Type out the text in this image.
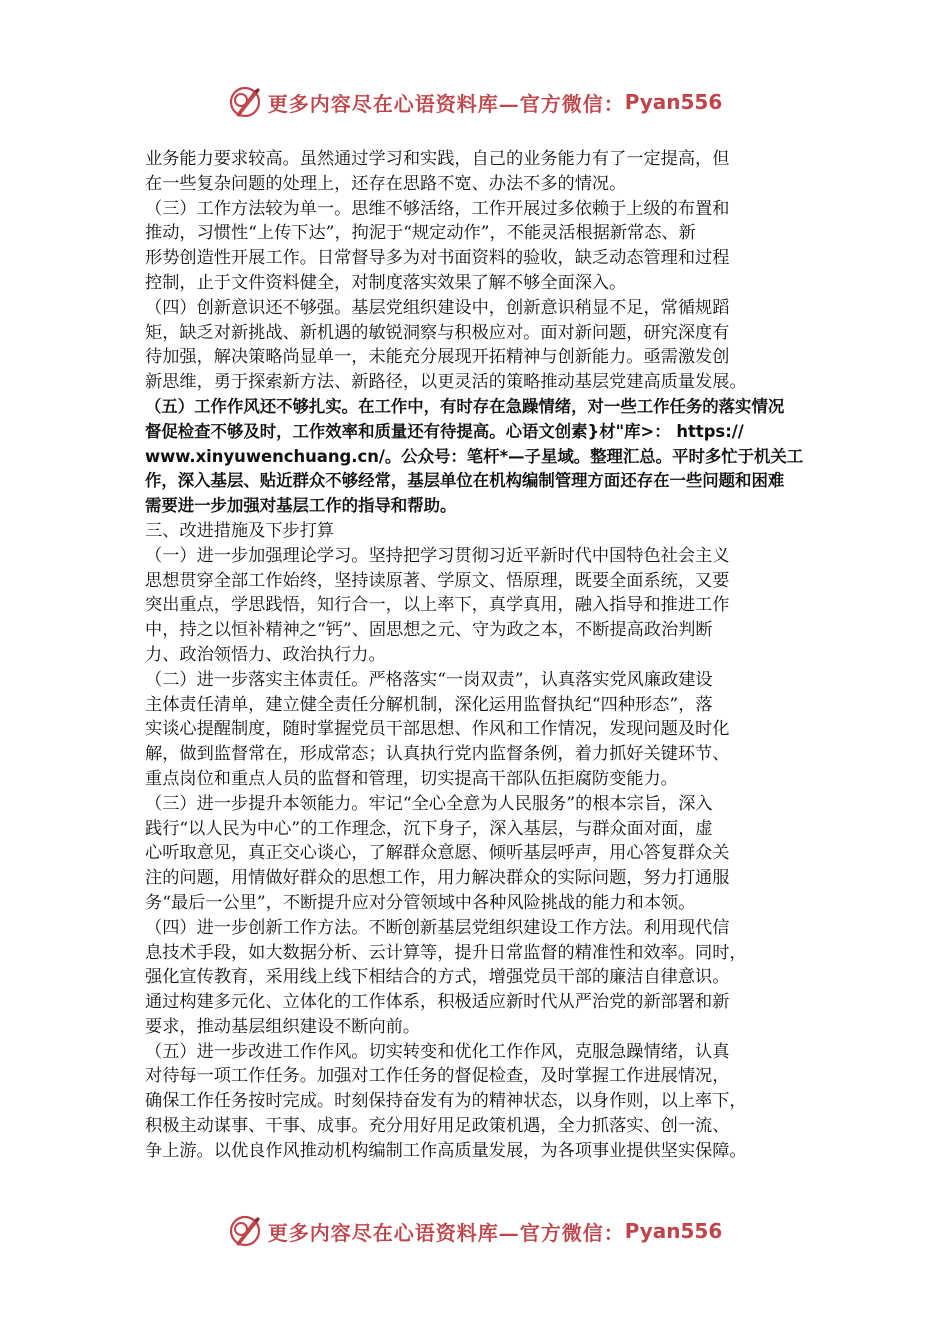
更多内容尽在心语资料库—官方微信： Pyan556
业务能力要求较高。虽然通过学习和实践，自己的业务能力有了一定提高，但
在一些复杂问题的处理上，还存在思路不宽、办法不多的情况。
（三）工作方法较为单一。思维不够活络，工作开展过多依赖于上级的布置和
推动，习惯性“上传下达”，拘泥于“规定动作”，不能灵活根据新常态、新
形势创造性开展工作。日常督导多为对书面资料的验收，缺乏动态管理和过程
控制，止于文件资料健全，对制度落实效果了解不够全面深入。
（四）创新意识还不够强。基层党组织建设中，创新意识稍显不足，常循规蹈
矩，缺乏对新挑战、新机遇的敏锐洞察与积极应对。面对新问题，研究深度有
待加强，解决策略尚显单一，未能充分展现开拓精神与创新能力。亟需激发创
新思维，勇于探索新方法、新路径，以更灵活的策略推动基层党建高质量发展。
（五）工作作风还不够扎实。在工作中，有时存在急躁情绪，对一些工作任务的落实情况
督促检查不够及时，工作效率和质量还有待提高。心语文创素}材"库>： https://
www.xinyuwenchuang.cn/。公众号：笔杆*—子星域。整理汇总。平时多忙于机关工
作，深入基层、贴近群众不够经常，基层单位在机构编制管理方面还存在一些问题和困难
需要进一步加强对基层工作的指导和帮助。
三、改进措施及下步打算
（一）进一步加强理论学习。坚持把学习贯彻习近平新时代中国特色社会主义
思想贯穿全部工作始终，坚持读原著、学原文、悟原理，既要全面系统，又要
突出重点，学思践悟，知行合一，以上率下，真学真用，融入指导和推进工作
中，持之以恒补精神之“钙”、固思想之元、守为政之本，不断提高政治判断
力、政治领悟力、政治执行力。
（二）进一步落实主体责任。严格落实“一岗双责”，认真落实党风廉政建设
主体责任清单，建立健全责任分解机制，深化运用监督执纪“四种形态”，落
实谈心提醒制度，随时掌握党员干部思想、作风和工作情况，发现问题及时化
解，做到监督常在，形成常态；认真执行党内监督条例，着力抓好关键环节、
重点岗位和重点人员的监督和管理，切实提高干部队伍拒腐防变能力。
（三）进一步提升本领能力。牢记“全心全意为人民服务”的根本宗旨，深入
践行“以人民为中心”的工作理念，沉下身子，深入基层，与群众面对面，虚
心听取意见，真正交心谈心，了解群众意愿、倾听基层呼声，用心答复群众关
注的问题，用情做好群众的思想工作，用力解决群众的实际问题，努力打通服
务“最后一公里”，不断提升应对分管领域中各种风险挑战的能力和本领。
（四）进一步创新工作方法。不断创新基层党组织建设工作方法。利用现代信
息技术手段，如大数据分析、云计算等，提升日常监督的精准性和效率。同时，
强化宣传教育，采用线上线下相结合的方式，增强党员干部的廉洁自律意识。
通过构建多元化、立体化的工作体系，积极适应新时代从严治党的新部署和新
要求，推动基层组织建设不断向前。
（五）进一步改进工作作风。切实转变和优化工作作风，克服急躁情绪，认真
对待每一项工作任务。加强对工作任务的督促检查，及时掌握工作进展情况，
确保工作任务按时完成。时刻保持奋发有为的精神状态，以身作则，以上率下，
积极主动谋事、干事、成事。充分用好用足政策机遇，全力抓落实、创一流、
争上游。以优良作风推动机构编制工作高质量发展，为各项事业提供坚实保障。
更多内容尽在心语资料库—官方微信： Pyan556
